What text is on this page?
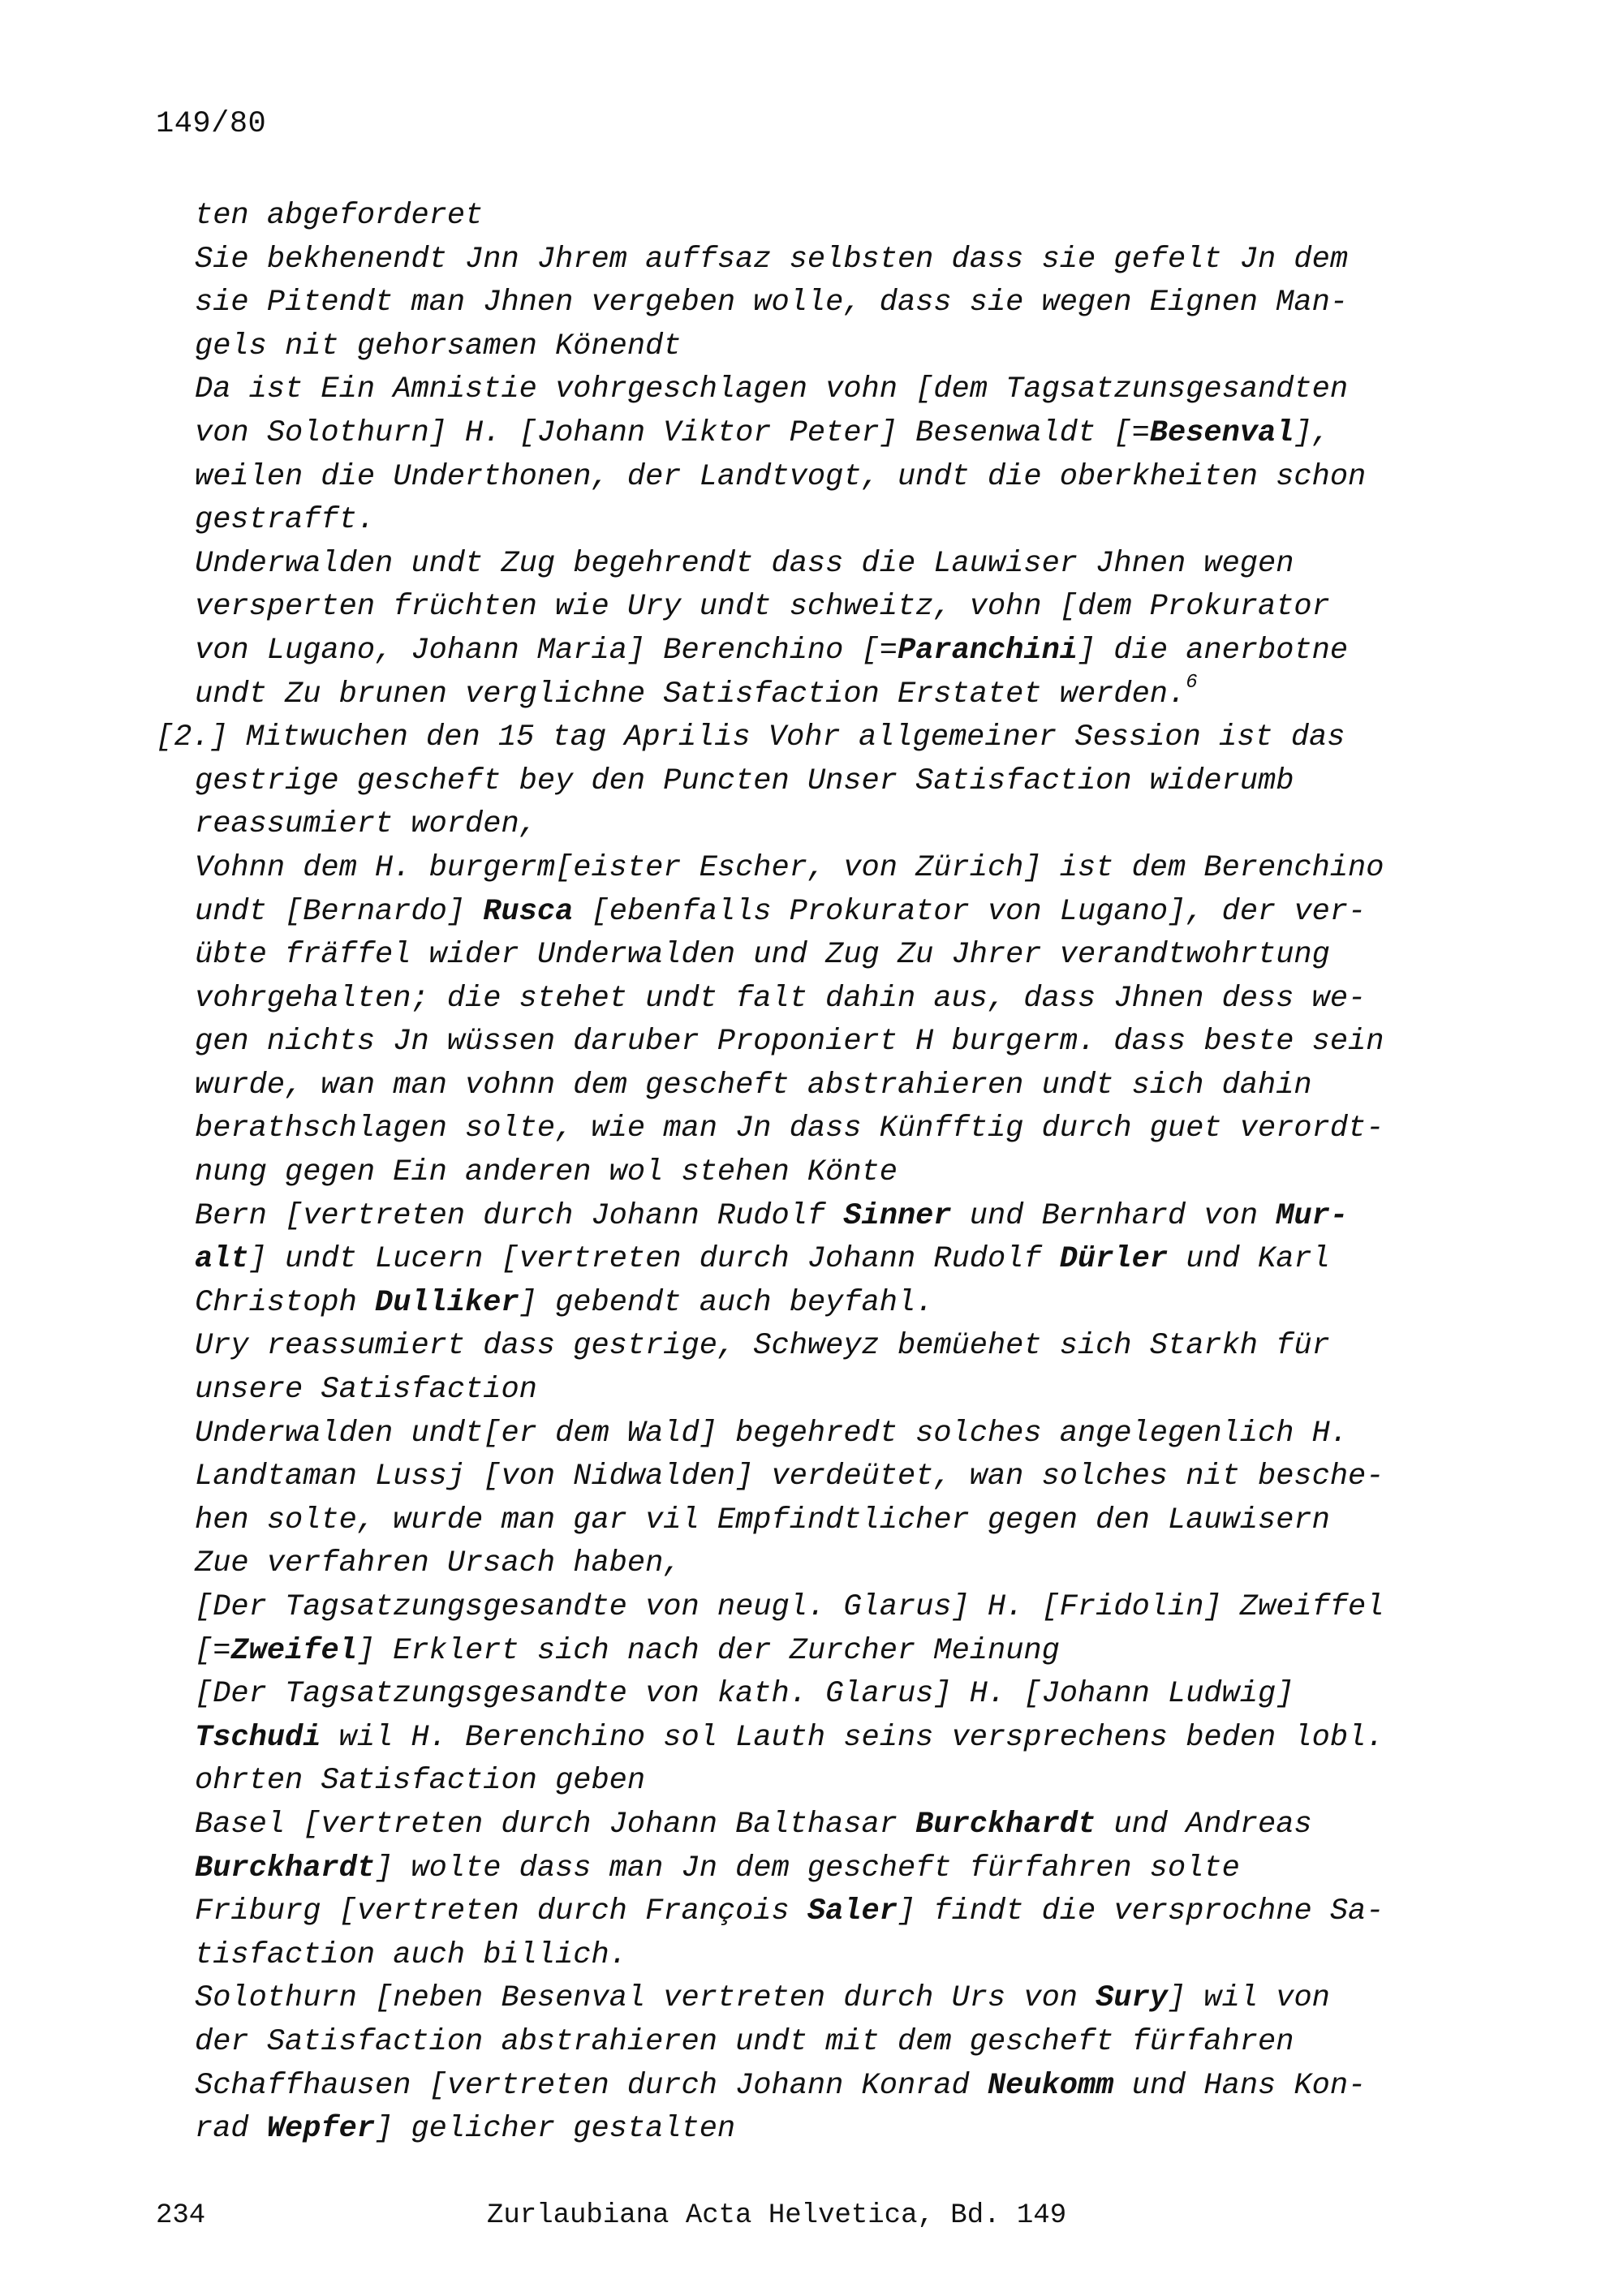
149/80
ten abgeforderet
Sie bekhenendt Jnn Jhrem auffsaz selbsten dass sie gefelt Jn dem
sie Pitendt man Jhnen vergeben wolle, dass sie wegen Eignen Man-
gels nit gehorsamen Könendt
Da ist Ein Amnistie vohrgeschlagen vohn [dem Tagsatzunsgesandten
von Solothurn] H. [Johann Viktor Peter] Besenwaldt [=Besenval],
weilen die Underthonen, der Landtvogt, undt die oberkheiten schon
gestrafft.
Underwalden undt Zug begehrendt dass die Lauwiser Jhnen wegen
versperten früchten wie Ury undt schweitz, vohn [dem Prokurator
von Lugano, Johann Maria] Berenchino [=Paranchini] die anerbotne
undt Zu brunen verglichne Satisfaction Erstatet werden.$^6$
[2.] Mitwuchen den 15 tag Aprilis Vohr allgemeiner Session ist das
gestrige gescheft bey den Puncten Unser Satisfaction widerumb
reassumiert worden,
Vohnn dem H. burgerm[eister Escher, von Zürich] ist dem Berenchino
undt [Bernardo] Rusca [ebenfalls Prokurator von Lugano], der ver-
übte fräffel wider Underwalden und Zug Zu Jhrer verandtwohrtung
vohrgehalten; die stehet undt falt dahin aus, dass Jhnen dess we-
gen nichts Jn wüssen daruber Proponiert H burgerm. dass beste sein
wurde, wan man vohnn dem gescheft abstrahieren undt sich dahin
berathschlagen solte, wie man Jn dass Künfftig durch guet verordt-
nung gegen Ein anderen wol stehen Könte
Bern [vertreten durch Johann Rudolf Sinner und Bernhard von Mur-
alt] undt Lucern [vertreten durch Johann Rudolf Dürler und Karl
Christoph Dulliker] gebendt auch beyfahl.
Ury reassumiert dass gestrige, Schweyz bemüehet sich Starkh für
unsere Satisfaction
Underwalden undt[er dem Wald] begehredt solches angelegenlich H.
Landtaman Lussj [von Nidwalden] verdeütet, wan solches nit besche-
hen solte, wurde man gar vil Empfindtlicher gegen den Lauwisern
Zue verfahren Ursach haben,
[Der Tagsatzungsgesandte von neugl. Glarus] H. [Fridolin] Zweiffel
[=Zweifel] Erklert sich nach der Zurcher Meinung
[Der Tagsatzungsgesandte von kath. Glarus] H. [Johann Ludwig]
Tschudi wil H. Berenchino sol Lauth seins versprechens beden lobl.
ohrten Satisfaction geben
Basel [vertreten durch Johann Balthasar Burckhardt und Andreas
Burckhardt] wolte dass man Jn dem gescheft fürfahren solte
Friburg [vertreten durch François Saler] findt die versprochne Sa-
tisfaction auch billich.
Solothurn [neben Besenval vertreten durch Urs von Sury] wil von
der Satisfaction abstrahieren undt mit dem gescheft fürfahren
Schaffhausen [vertreten durch Johann Konrad Neukomm und Hans Kon-
rad Wepfer] gelicher gestalten
234	Zurlaubiana Acta Helvetica, Bd. 149
